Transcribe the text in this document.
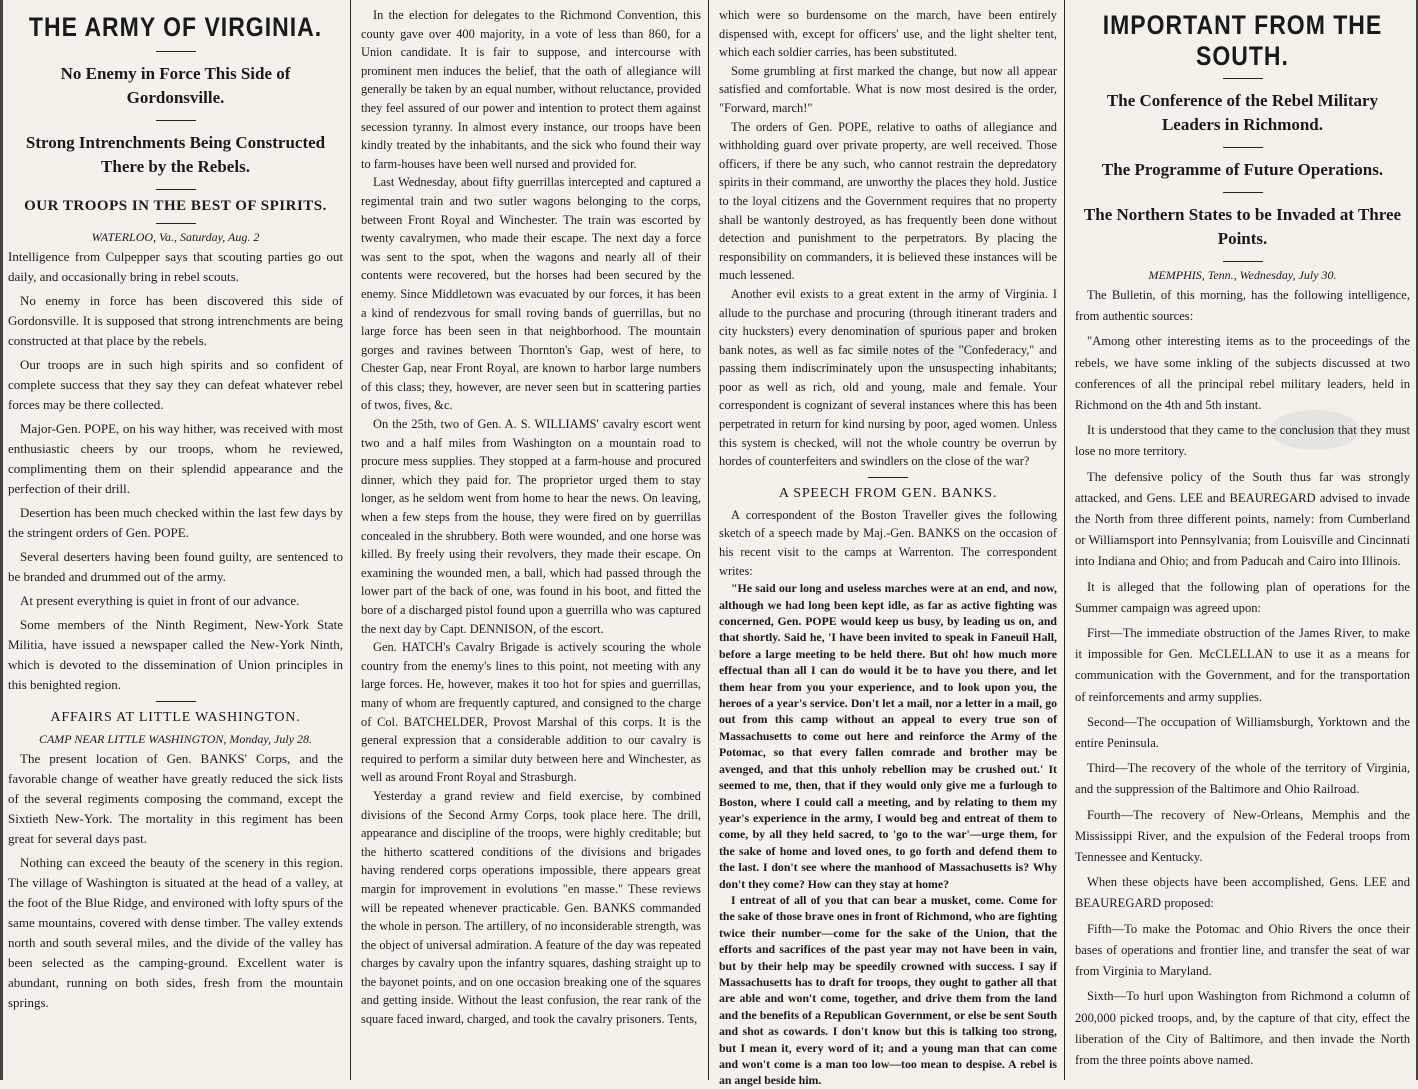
THE ARMY OF VIRGINIA.
No Enemy in Force This Side of Gordonsville.
Strong Intrenchments Being Constructed There by the Rebels.
OUR TROOPS IN THE BEST OF SPIRITS.
WATERLOO, Va., Saturday, Aug. 2

Intelligence from Culpepper says that scouting parties go out daily, and occasionally bring in rebel scouts.

No enemy in force has been discovered this side of Gordonsville. It is supposed that strong intrenchments are being constructed at that place by the rebels.

Our troops are in such high spirits and so confident of complete success that they say they can defeat whatever rebel forces may be there collected.

Major-Gen. POPE, on his way hither, was received with most enthusiastic cheers by our troops, whom he reviewed, complimenting them on their splendid appearance and the perfection of their drill.

Desertion has been much checked within the last few days by the stringent orders of Gen. POPE.

Several deserters having been found guilty, are sentenced to be branded and drummed out of the army.

At present everything is quiet in front of our advance.

Some members of the Ninth Regiment, New-York State Militia, have issued a newspaper called the New-York Ninth, which is devoted to the dissemination of Union principles in this benighted region.

AFFAIRS AT LITTLE WASHINGTON.
CAMP NEAR LITTLE WASHINGTON, Monday, July 28.

The present location of Gen. BANKS' Corps, and the favorable change of weather have greatly reduced the sick lists of the several regiments composing the command, except the Sixtieth New-York. The mortality in this regiment has been great for several days past.

Nothing can exceed the beauty of the scenery in this region. The village of Washington is situated at the head of a valley, at the foot of the Blue Ridge, and environed with lofty spurs of the same mountains, covered with dense timber. The valley extends north and south several miles, and the divide of the valley has been selected as the camping-ground. Excellent water is abundant, running on both sides, fresh from the mountain springs.

In the election for delegates to the Richmond Convention, this county gave over 400 majority, in a vote of less than 860, for a Union candidate. It is fair to suppose, and intercourse with prominent men induces the belief, that the oath of allegiance will generally be taken by an equal number, without reluctance, provided they feel assured of our power and intention to protect them against secession tyranny. In almost every instance, our troops have been kindly treated by the inhabitants, and the sick who found their way to farm-houses have been well nursed and provided for.

Last Wednesday, about fifty guerrillas intercepted and captured a regimental train and two sutler wagons belonging to the corps, between Front Royal and Winchester. The train was escorted by twenty cavalrymen, who made their escape. The next day a force was sent to the spot, when the wagons and nearly all of their contents were recovered, but the horses had been secured by the enemy. Since Middletown was evacuated by our forces, it has been a kind of rendezvous for small roving bands of guerrillas, but no large force has been seen in that neighborhood. The mountain gorges and ravines between Thornton's Gap, west of here, to Chester Gap, near Front Royal, are known to harbor large numbers of this class; they, however, are never seen but in scattering parties of twos, fives, &c.

On the 25th, two of Gen. A. S. WILLIAMS' cavalry escort went two and a half miles from Washington on a mountain road to procure mess supplies. They stopped at a farm-house and procured dinner, which they paid for. The proprietor urged them to stay longer, as he seldom went from home to hear the news. On leaving, when a few steps from the house, they were fired on by guerrillas concealed in the shrubbery. Both were wounded, and one horse was killed. By freely using their revolvers, they made their escape. On examining the wounded men, a ball, which had passed through the lower part of the back of one, was found in his boot, and fitted the bore of a discharged pistol found upon a guerrilla who was captured the next day by Capt. DENNISON, of the escort.

Gen. HATCH's Cavalry Brigade is actively scouring the whole country from the enemy's lines to this point, not meeting with any large forces. He, however, makes it too hot for spies and guerrillas, many of whom are frequently captured, and consigned to the charge of Col. BATCHELDER, Provost Marshal of this corps. It is the general expression that a considerable addition to our cavalry is required to perform a similar duty between here and Winchester, as well as around Front Royal and Strasburgh.

Yesterday a grand review and field exercise, by combined divisions of the Second Army Corps, took place here. The drill, appearance and discipline of the troops, were highly creditable; but the hitherto scattered conditions of the divisions and brigades having rendered corps operations impossible, there appears great margin for improvement in evolutions "en masse." These reviews will be repeated whenever practicable. Gen. BANKS commanded the whole in person. The artillery, of no inconsiderable strength, was the object of universal admiration. A feature of the day was repeated charges by cavalry upon the infantry squares, dashing straight up to the bayonet points, and on one occasion breaking one of the squares and getting inside. Without the least confusion, the rear rank of the square faced inward, charged, and took the cavalry prisoners. Tents,

which were so burdensome on the march, have been entirely dispensed with, except for officers' use, and the light shelter tent, which each soldier carries, has been substituted.

Some grumbling at first marked the change, but now all appear satisfied and comfortable. What is now most desired is the order, "Forward, march!"

The orders of Gen. POPE, relative to oaths of allegiance and withholding guard over private property, are well received. Those officers, if there be any such, who cannot restrain the depredatory spirits in their command, are unworthy the places they hold. Justice to the loyal citizens and the Government requires that no property shall be wantonly destroyed, as has frequently been done without detection and punishment to the perpetrators. By placing the responsibility on commanders, it is believed these instances will be much lessened.

Another evil exists to a great extent in the army of Virginia. I allude to the purchase and procuring (through itinerant traders and city hucksters) every denomination of spurious paper and broken bank notes, as well as fac simile notes of the "Confederacy," and passing them indiscriminately upon the unsuspecting inhabitants; poor as well as rich, old and young, male and female. Your correspondent is cognizant of several instances where this has been perpetrated in return for kind nursing by poor, aged women. Unless this system is checked, will not the whole country be overrun by hordes of counterfeiters and swindlers on the close of the war?

A SPEECH FROM GEN. BANKS.

A correspondent of the Boston Traveller gives the following sketch of a speech made by Maj.-Gen. BANKS on the occasion of his recent visit to the camps at Warrenton. The correspondent writes:

"He said our long and useless marches were at an end, and now, although we had long been kept idle, as far as active fighting was concerned, Gen. POPE would keep us busy, by leading us on, and that shortly. Said he, 'I have been invited to speak in Faneuil Hall, before a large meeting to be held there. But oh! how much more effectual than all I can do would it be to have you there, and let them hear from you your experience, and to look upon you, the heroes of a year's service. Don't let a mail, nor a letter in a mail, go out from this camp without an appeal to every true son of Massachusetts to come out here and reinforce the Army of the Potomac, so that every fallen comrade and brother may be avenged, and that this unholy rebellion may be crushed out.' It seemed to me, then, that if they would only give me a furlough to Boston, where I could call a meeting, and by relating to them my year's experience in the army, I would beg and entreat of them to come, by all they held sacred, to 'go to the war'—urge them, for the sake of home and loved ones, to go forth and defend them to the last. I don't see where the manhood of Massachusetts is? Why don't they come? How can they stay at home?

I entreat of all of you that can bear a musket, come. Come for the sake of those brave ones in front of Richmond, who are fighting twice their number—come for the sake of the Union, that the efforts and sacrifices of the past year may not have been in vain, but by their help may be speedily crowned with success. I say if Massachusetts has to draft for troops, they ought to gather all that are able and won't come, together, and drive them from the land and the benefits of a Republican Government, or else be sent South and shot as cowards. I don't know but this is talking too strong, but I mean it, every word of it; and a young man that can come and won't come is a man too low—too mean to despise. A rebel is an angel beside him.

IMPORTANT FROM THE SOUTH.
The Conference of the Rebel Military Leaders in Richmond.
The Programme of Future Operations.
The Northern States to be Invaded at Three Points.
MEMPHIS, Tenn., Wednesday, July 30.

The Bulletin, of this morning, has the following intelligence, from authentic sources:

"Among other interesting items as to the proceedings of the rebels, we have some inkling of the subjects discussed at two conferences of all the principal rebel military leaders, held in Richmond on the 4th and 5th instant.

It is understood that they came to the conclusion that they must lose no more territory.

The defensive policy of the South thus far was strongly attacked, and Gens. LEE and BEAUREGARD advised to invade the North from three different points, namely: from Cumberland or Williamsport into Pennsylvania; from Louisville and Cincinnati into Indiana and Ohio; and from Paducah and Cairo into Illinois.

It is alleged that the following plan of operations for the Summer campaign was agreed upon:

First—The immediate obstruction of the James River, to make it impossible for Gen. McCLELLAN to use it as a means for communication with the Government, and for the transportation of reinforcements and army supplies.

Second—The occupation of Williamsburgh, Yorktown and the entire Peninsula.

Third—The recovery of the whole of the territory of Virginia, and the suppression of the Baltimore and Ohio Railroad.

Fourth—The recovery of New-Orleans, Memphis and the Mississippi River, and the expulsion of the Federal troops from Tennessee and Kentucky.

When these objects have been accomplished, Gens. LEE and BEAUREGARD proposed:

Fifth—To make the Potomac and Ohio Rivers the once their bases of operations and frontier line, and transfer the seat of war from Virginia to Maryland.

Sixth—To hurl upon Washington from Richmond a column of 200,000 picked troops, and, by the capture of that city, effect the liberation of the City of Baltimore, and then invade the North from the three points above named.
